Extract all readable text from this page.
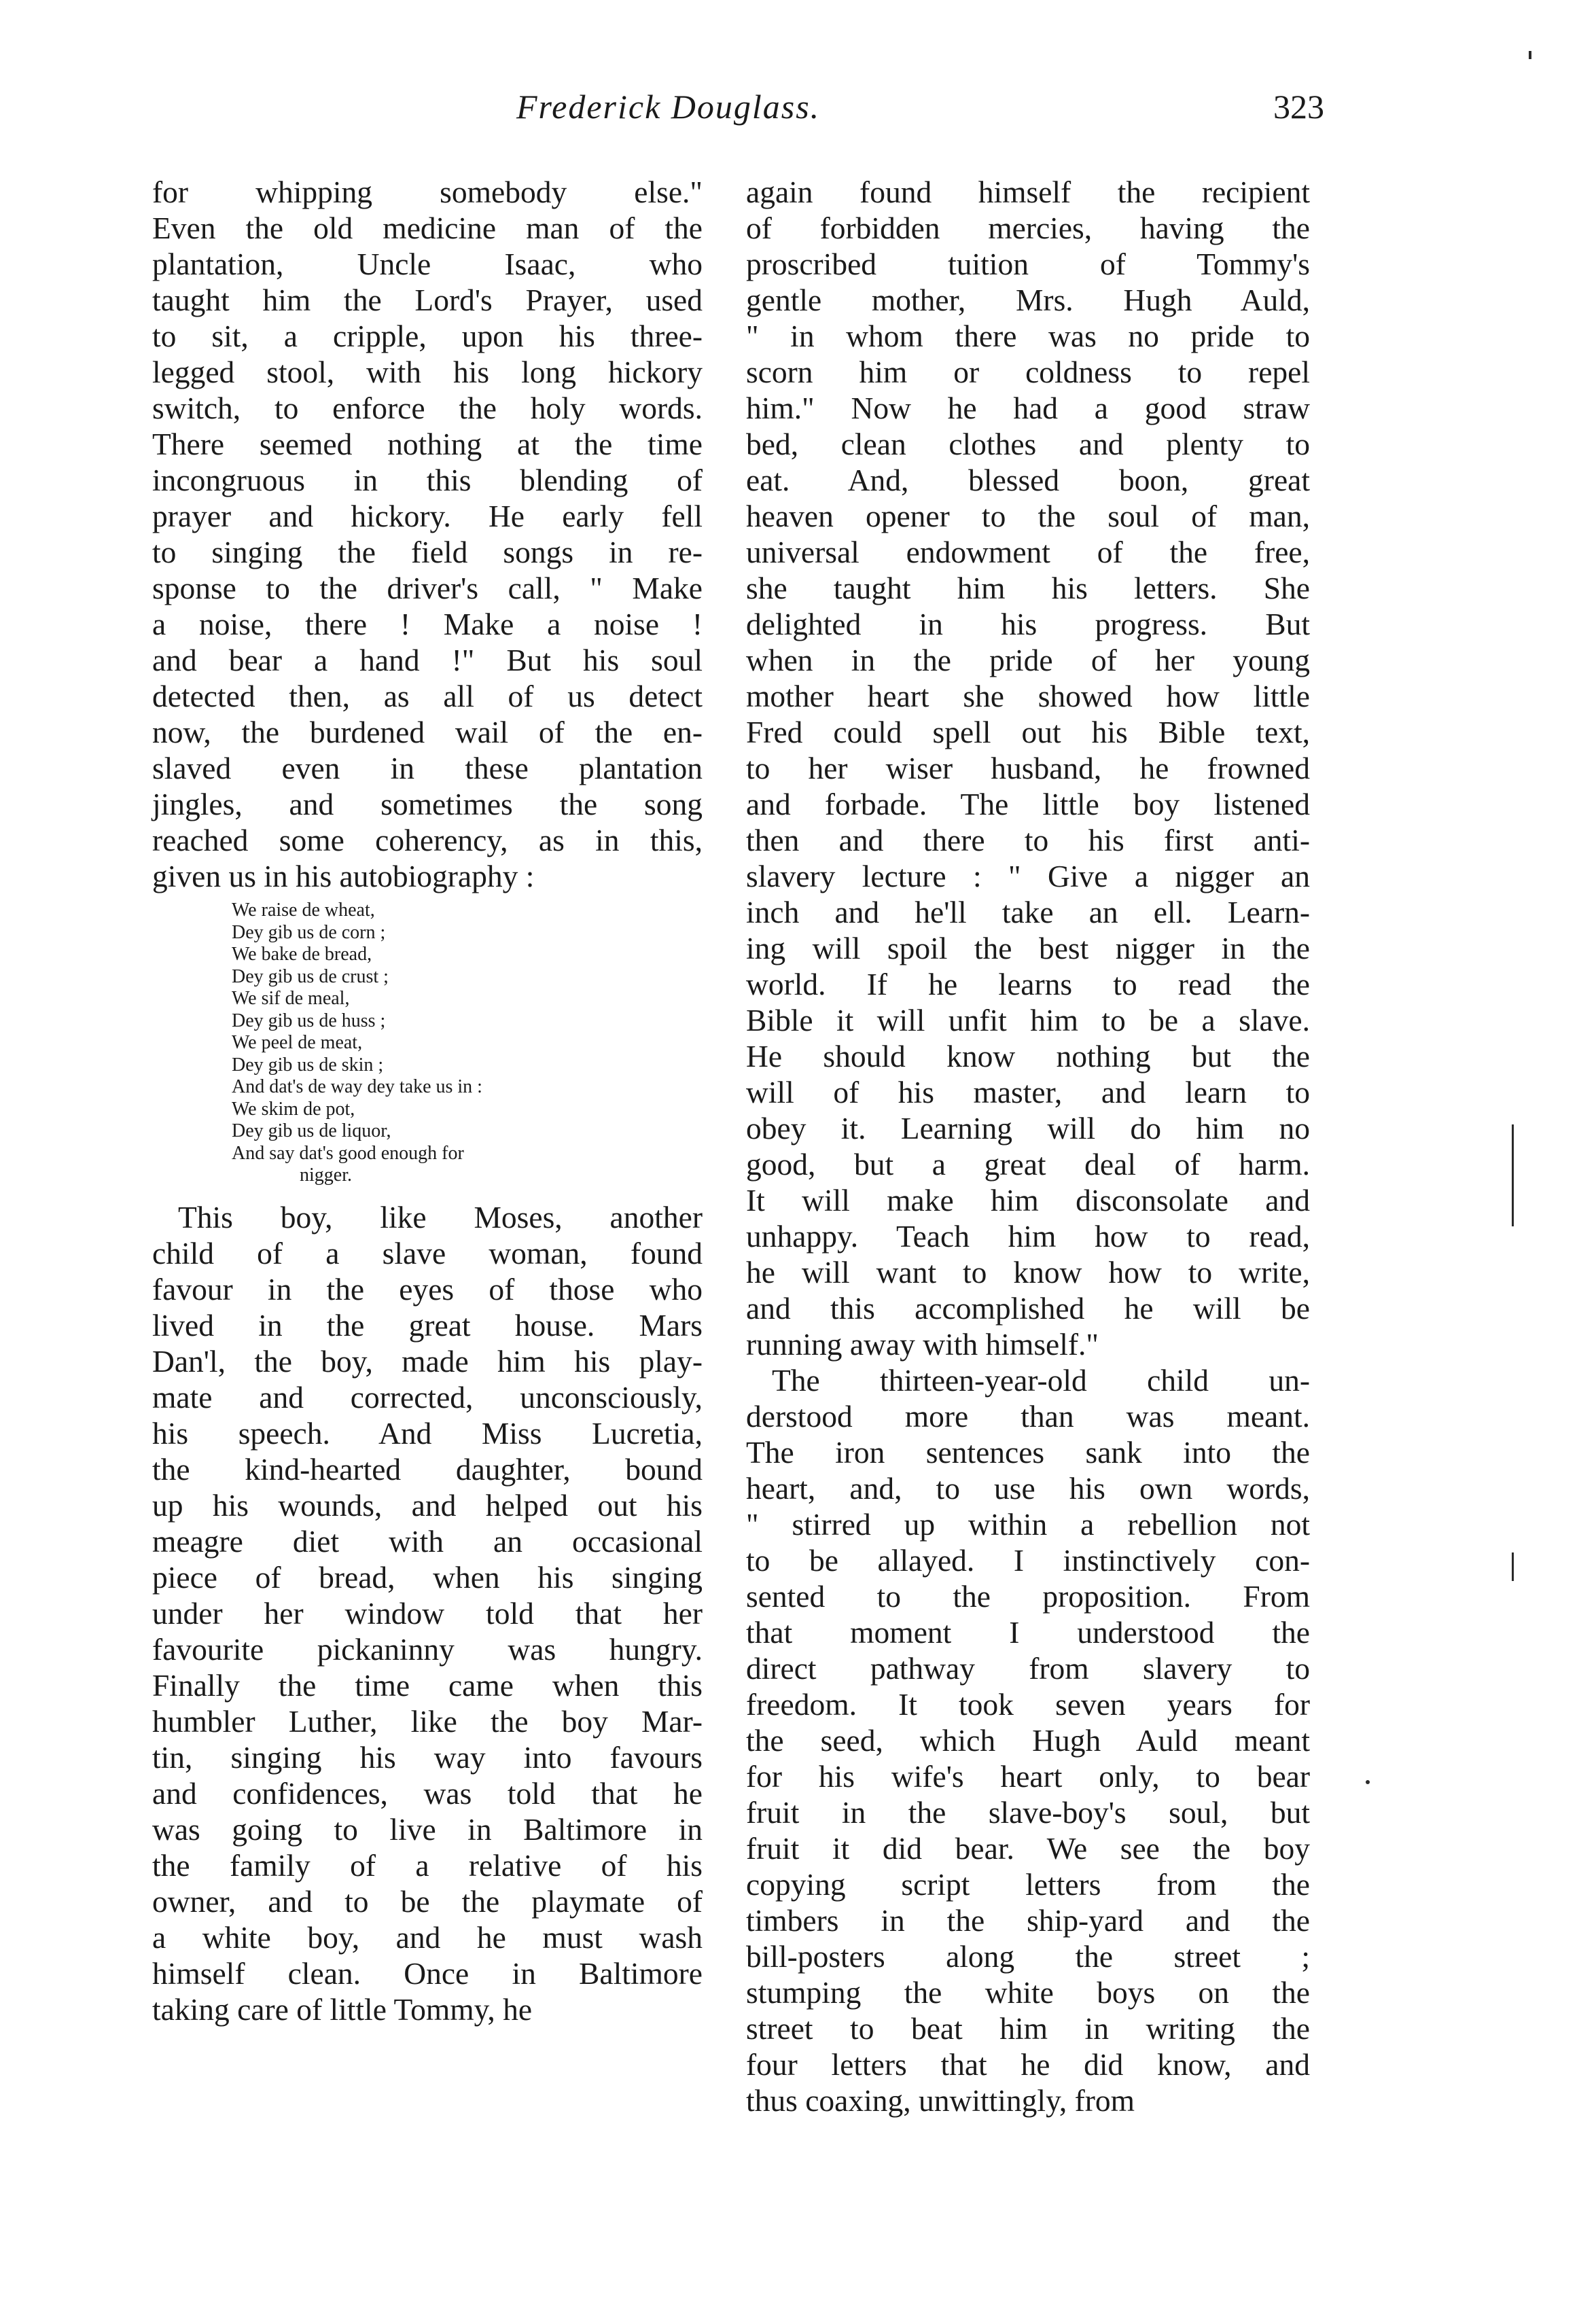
Frederick Douglass.	323
for whipping somebody else."
Even the old medicine man of the
plantation, Uncle Isaac, who
taught him the Lord's Prayer, used
to sit, a cripple, upon his three-
legged stool, with his long hickory
switch, to enforce the holy words.
There seemed nothing at the time
incongruous in this blending of
prayer and hickory. He early fell
to singing the field songs in re-
sponse to the driver's call, " Make
a noise, there ! Make a noise !
and bear a hand !" But his soul
detected then, as all of us detect
now, the burdened wail of the en-
slaved even in these plantation
jingles, and sometimes the song
reached some coherency, as in this,
given us in his autobiography :
We raise de wheat,
Dey gib us de corn ;
We bake de bread,
Dey gib us de crust ;
We sif de meal,
Dey gib us de huss ;
We peel de meat,
Dey gib us de skin ;
And dat's de way dey take us in :
We skim de pot,
Dey gib us de liquor,
And say dat's good enough for
nigger.
This boy, like Moses, another
child of a slave woman, found
favour in the eyes of those who
lived in the great house. Mars
Dan'l, the boy, made him his play-
mate and corrected, unconsciously,
his speech. And Miss Lucretia,
the kind-hearted daughter, bound
up his wounds, and helped out his
meagre diet with an occasional
piece of bread, when his singing
under her window told that her
favourite pickaninny was hungry.
Finally the time came when this
humbler Luther, like the boy Mar-
tin, singing his way into favours
and confidences, was told that he
was going to live in Baltimore in
the family of a relative of his
owner, and to be the playmate of
a white boy, and he must wash
himself clean. Once in Baltimore
taking care of little Tommy, he
again found himself the recipient
of forbidden mercies, having the
proscribed tuition of Tommy's
gentle mother, Mrs. Hugh Auld,
" in whom there was no pride to
scorn him or coldness to repel
him." Now he had a good straw
bed, clean clothes and plenty to
eat. And, blessed boon, great
heaven opener to the soul of man,
universal endowment of the free,
she taught him his letters. She
delighted in his progress. But
when in the pride of her young
mother heart she showed how little
Fred could spell out his Bible text,
to her wiser husband, he frowned
and forbade. The little boy listened
then and there to his first anti-
slavery lecture : " Give a nigger an
inch and he'll take an ell. Learn-
ing will spoil the best nigger in the
world. If he learns to read the
Bible it will unfit him to be a slave.
He should know nothing but the
will of his master, and learn to
obey it. Learning will do him no
good, but a great deal of harm.
It will make him disconsolate and
unhappy. Teach him how to read,
he will want to know how to write,
and this accomplished he will be
running away with himself."
The thirteen-year-old child un-
derstood more than was meant.
The iron sentences sank into the
heart, and, to use his own words,
" stirred up within a rebellion not
to be allayed. I instinctively con-
sented to the proposition. From
that moment I understood the
direct pathway from slavery to
freedom. It took seven years for
the seed, which Hugh Auld meant
for his wife's heart only, to bear
fruit in the slave-boy's soul, but
fruit it did bear. We see the boy
copying script letters from the
timbers in the ship-yard and the
bill-posters along the street ;
stumping the white boys on the
street to beat him in writing the
four letters that he did know, and
thus coaxing, unwittingly, from
